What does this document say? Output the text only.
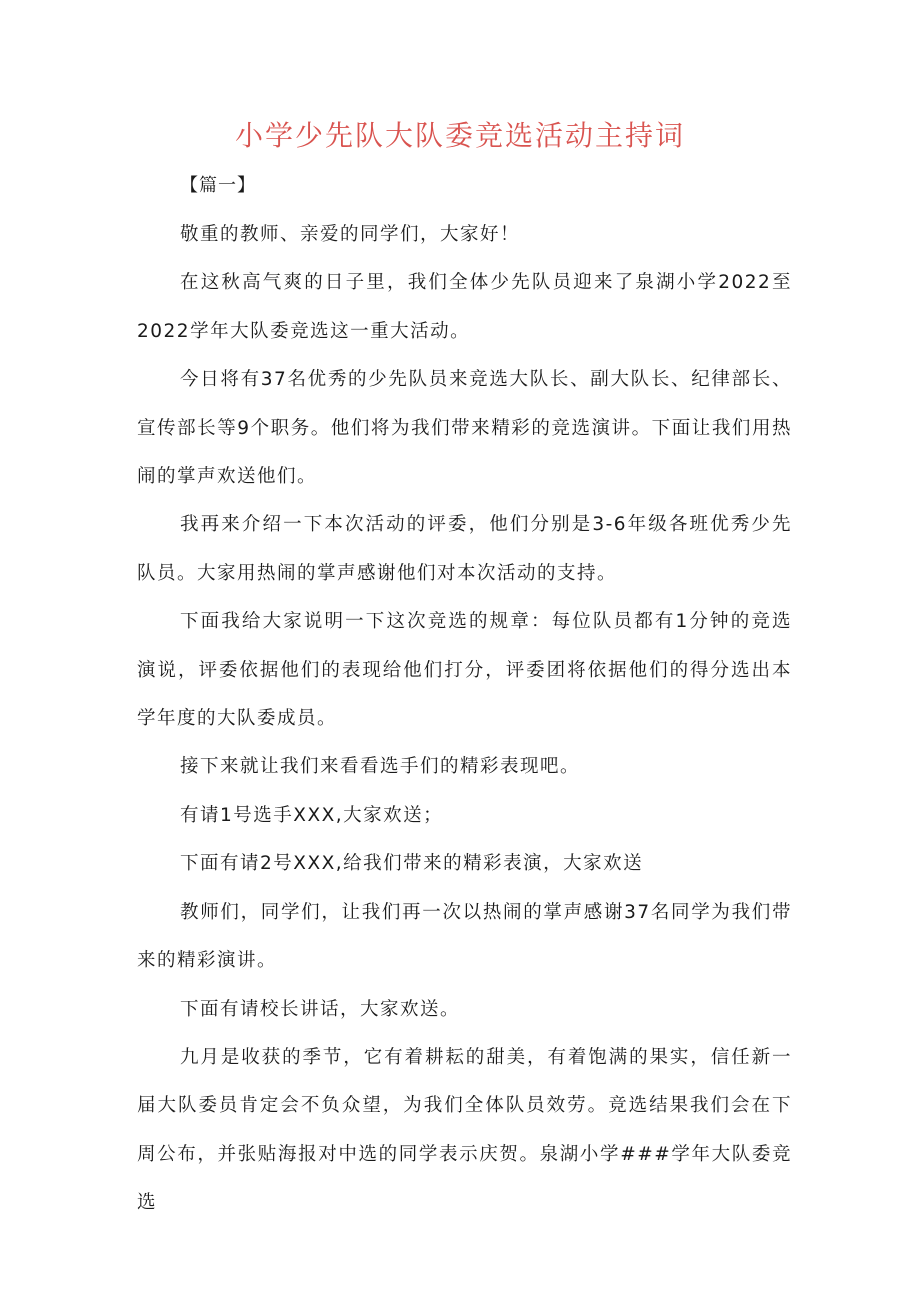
小学少先队大队委竞选活动主持词
【篇一】

敬重的教师、亲爱的同学们，大家好！

在这秋高气爽的日子里，我们全体少先队员迎来了泉湖小学2022至2022学年大队委竞选这一重大活动。

今日将有37名优秀的少先队员来竞选大队长、副大队长、纪律部长、宣传部长等9个职务。他们将为我们带来精彩的竞选演讲。下面让我们用热闹的掌声欢送他们。

我再来介绍一下本次活动的评委，他们分别是3-6年级各班优秀少先队员。大家用热闹的掌声感谢他们对本次活动的支持。

下面我给大家说明一下这次竞选的规章：每位队员都有1分钟的竞选演说，评委依据他们的表现给他们打分，评委团将依据他们的得分选出本学年度的大队委成员。

接下来就让我们来看看选手们的精彩表现吧。

有请1号选手XXX,大家欢送；

下面有请2号XXX,给我们带来的精彩表演，大家欢送

教师们，同学们，让我们再一次以热闹的掌声感谢37名同学为我们带来的精彩演讲。

下面有请校长讲话，大家欢送。

九月是收获的季节，它有着耕耘的甜美，有着饱满的果实，信任新一届大队委员肯定会不负众望，为我们全体队员效劳。竞选结果我们会在下周公布，并张贴海报对中选的同学表示庆贺。泉湖小学###学年大队委竞选
